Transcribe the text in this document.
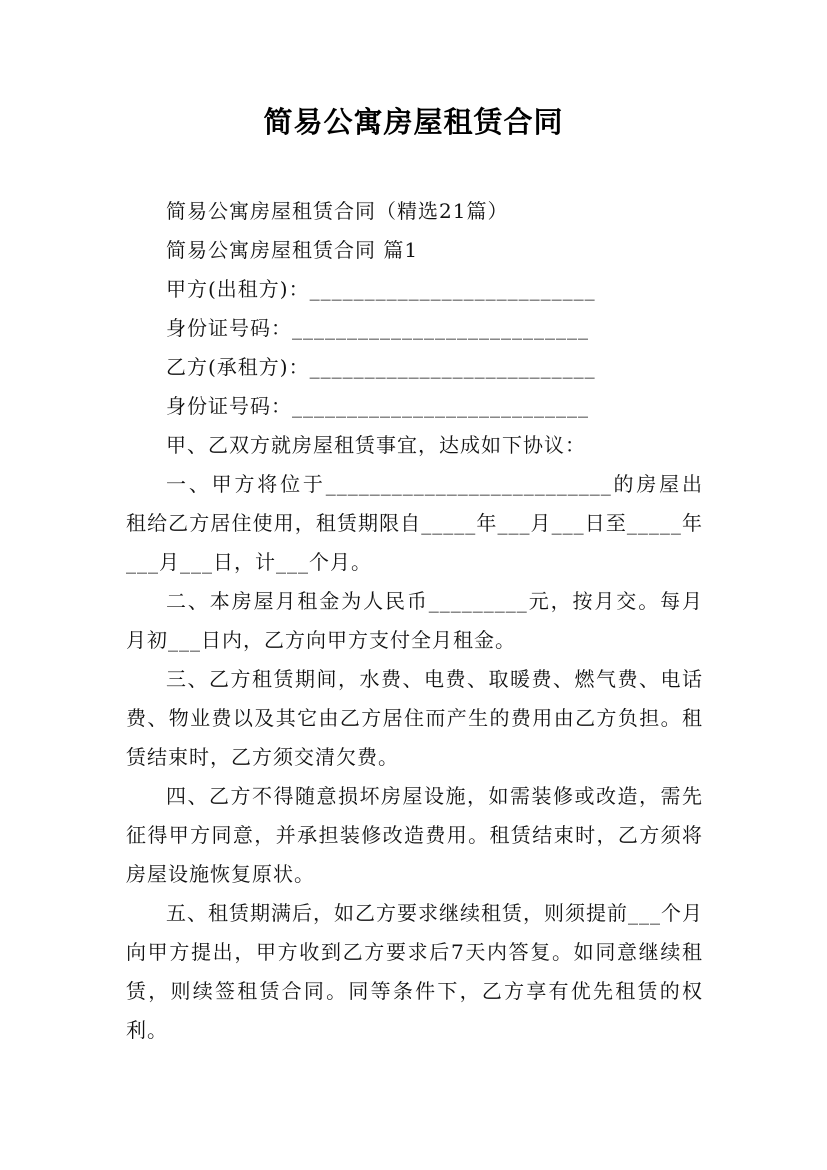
简易公寓房屋租赁合同

简易公寓房屋租赁合同（精选21篇）

简易公寓房屋租赁合同 篇1

甲方(出租方)：__________________________

身份证号码：___________________________

乙方(承租方)：__________________________

身份证号码：___________________________

甲、乙双方就房屋租赁事宜，达成如下协议：

一、甲方将位于__________________________的房屋出租给乙方居住使用，租赁期限自_____年___月___日至_____年___月___日，计___个月。

二、本房屋月租金为人民币_________元，按月交。每月月初___日内，乙方向甲方支付全月租金。

三、乙方租赁期间，水费、电费、取暖费、燃气费、电话费、物业费以及其它由乙方居住而产生的费用由乙方负担。租赁结束时，乙方须交清欠费。

四、乙方不得随意损坏房屋设施，如需装修或改造，需先征得甲方同意，并承担装修改造费用。租赁结束时，乙方须将房屋设施恢复原状。

五、租赁期满后，如乙方要求继续租赁，则须提前___个月向甲方提出，甲方收到乙方要求后7天内答复。如同意继续租赁，则续签租赁合同。同等条件下，乙方享有优先租赁的权利。
